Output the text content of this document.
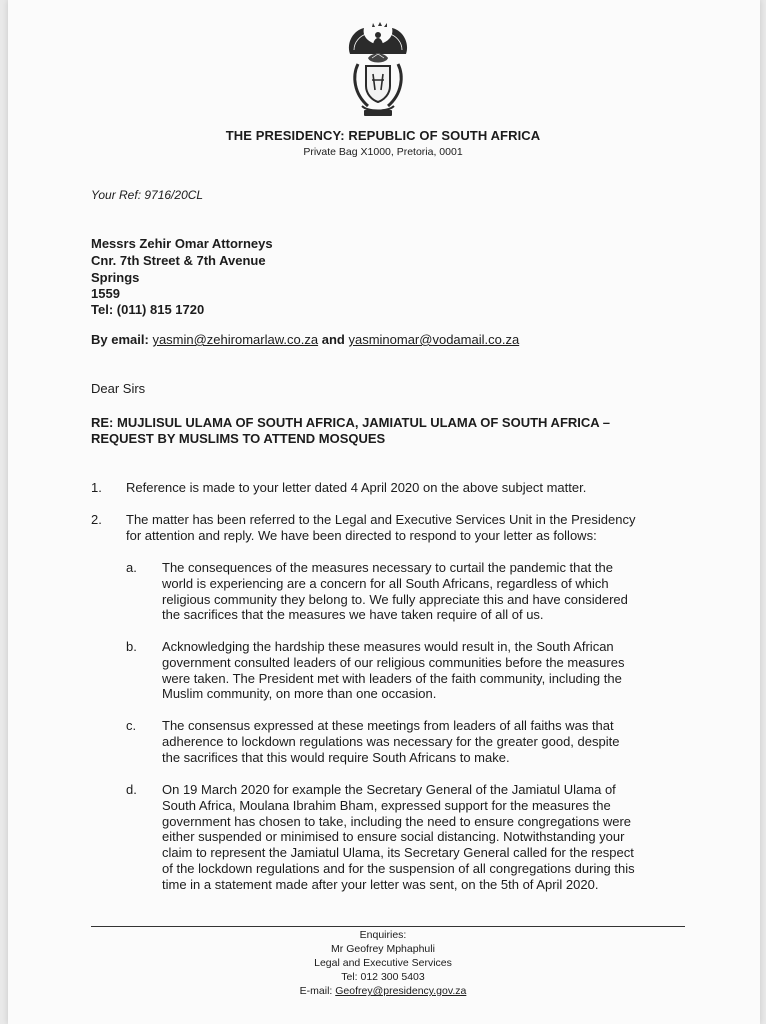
THE PRESIDENCY: REPUBLIC OF SOUTH AFRICA
Private Bag X1000, Pretoria, 0001
Your Ref: 9716/20CL
Messrs Zehir Omar Attorneys
Cnr. 7th Street & 7th Avenue
Springs
1559
Tel: (011) 815 1720
By email: yasmin@zehiromarlaw.co.za and yasminomar@vodamail.co.za
Dear Sirs
RE: MUJLISUL ULAMA OF SOUTH AFRICA, JAMIATUL ULAMA OF SOUTH AFRICA –
REQUEST BY MUSLIMS TO ATTEND MOSQUES
1. Reference is made to your letter dated 4 April 2020 on the above subject matter.
2. The matter has been referred to the Legal and Executive Services Unit in the Presidency
for attention and reply. We have been directed to respond to your letter as follows:
a. The consequences of the measures necessary to curtail the pandemic that the
world is experiencing are a concern for all South Africans, regardless of which
religious community they belong to. We fully appreciate this and have considered
the sacrifices that the measures we have taken require of all of us.
b. Acknowledging the hardship these measures would result in, the South African
government consulted leaders of our religious communities before the measures
were taken. The President met with leaders of the faith community, including the
Muslim community, on more than one occasion.
c. The consensus expressed at these meetings from leaders of all faiths was that
adherence to lockdown regulations was necessary for the greater good, despite
the sacrifices that this would require South Africans to make.
d. On 19 March 2020 for example the Secretary General of the Jamiatul Ulama of
South Africa, Moulana Ibrahim Bham, expressed support for the measures the
government has chosen to take, including the need to ensure congregations were
either suspended or minimised to ensure social distancing. Notwithstanding your
claim to represent the Jamiatul Ulama, its Secretary General called for the respect
of the lockdown regulations and for the suspension of all congregations during this
time in a statement made after your letter was sent, on the 5th of April 2020.
Enquiries:
Mr Geofrey Mphaphuli
Legal and Executive Services
Tel: 012 300 5403
E-mail: Geofrey@presidency.gov.za
